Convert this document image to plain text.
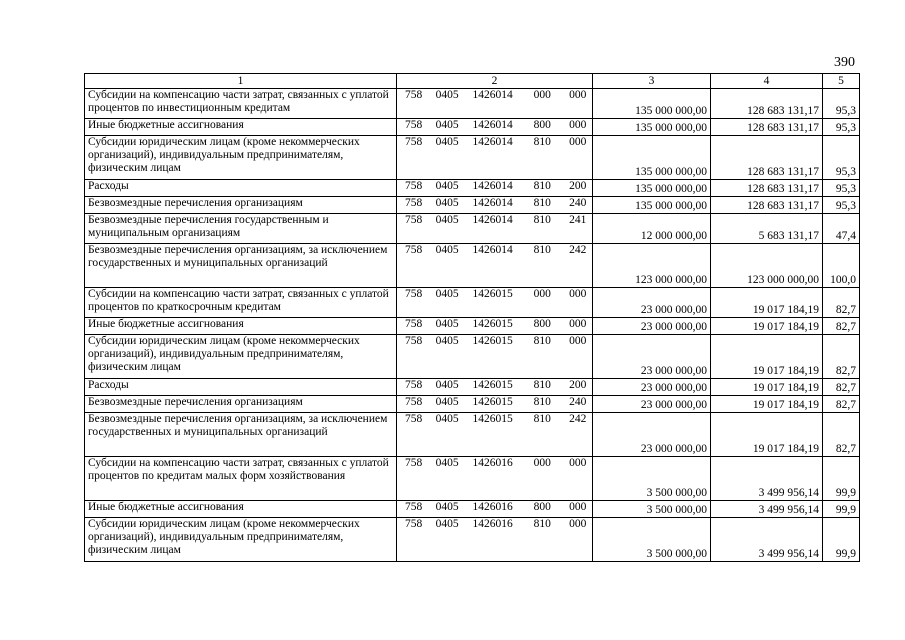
390
1	2	3	4	5
Субсидии на компенсацию части затрат, связанных с уплатой процентов по инвестиционным кредитам	758 0405 1426014 000 000	135 000 000,00	128 683 131,17	95,3
Иные бюджетные ассигнования	758 0405 1426014 800 000	135 000 000,00	128 683 131,17	95,3
Субсидии юридическим лицам (кроме некоммерческих организаций), индивидуальным предпринимателям, физическим лицам	758 0405 1426014 810 000	135 000 000,00	128 683 131,17	95,3
Расходы	758 0405 1426014 810 200	135 000 000,00	128 683 131,17	95,3
Безвозмездные перечисления организациям	758 0405 1426014 810 240	135 000 000,00	128 683 131,17	95,3
Безвозмездные перечисления государственным и муниципальным организациям	758 0405 1426014 810 241	12 000 000,00	5 683 131,17	47,4
Безвозмездные перечисления организациям, за исключением государственных и муниципальных организаций	758 0405 1426014 810 242	123 000 000,00	123 000 000,00	100,0
Субсидии на компенсацию части затрат, связанных с уплатой процентов по краткосрочным кредитам	758 0405 1426015 000 000	23 000 000,00	19 017 184,19	82,7
Иные бюджетные ассигнования	758 0405 1426015 800 000	23 000 000,00	19 017 184,19	82,7
Субсидии юридическим лицам (кроме некоммерческих организаций), индивидуальным предпринимателям, физическим лицам	758 0405 1426015 810 000	23 000 000,00	19 017 184,19	82,7
Расходы	758 0405 1426015 810 200	23 000 000,00	19 017 184,19	82,7
Безвозмездные перечисления организациям	758 0405 1426015 810 240	23 000 000,00	19 017 184,19	82,7
Безвозмездные перечисления организациям, за исключением государственных и муниципальных организаций	758 0405 1426015 810 242	23 000 000,00	19 017 184,19	82,7
Субсидии на компенсацию части затрат, связанных с уплатой процентов по кредитам малых форм хозяйствования	758 0405 1426016 000 000	3 500 000,00	3 499 956,14	99,9
Иные бюджетные ассигнования	758 0405 1426016 800 000	3 500 000,00	3 499 956,14	99,9
Субсидии юридическим лицам (кроме некоммерческих организаций), индивидуальным предпринимателям, физическим лицам	758 0405 1426016 810 000	3 500 000,00	3 499 956,14	99,9
